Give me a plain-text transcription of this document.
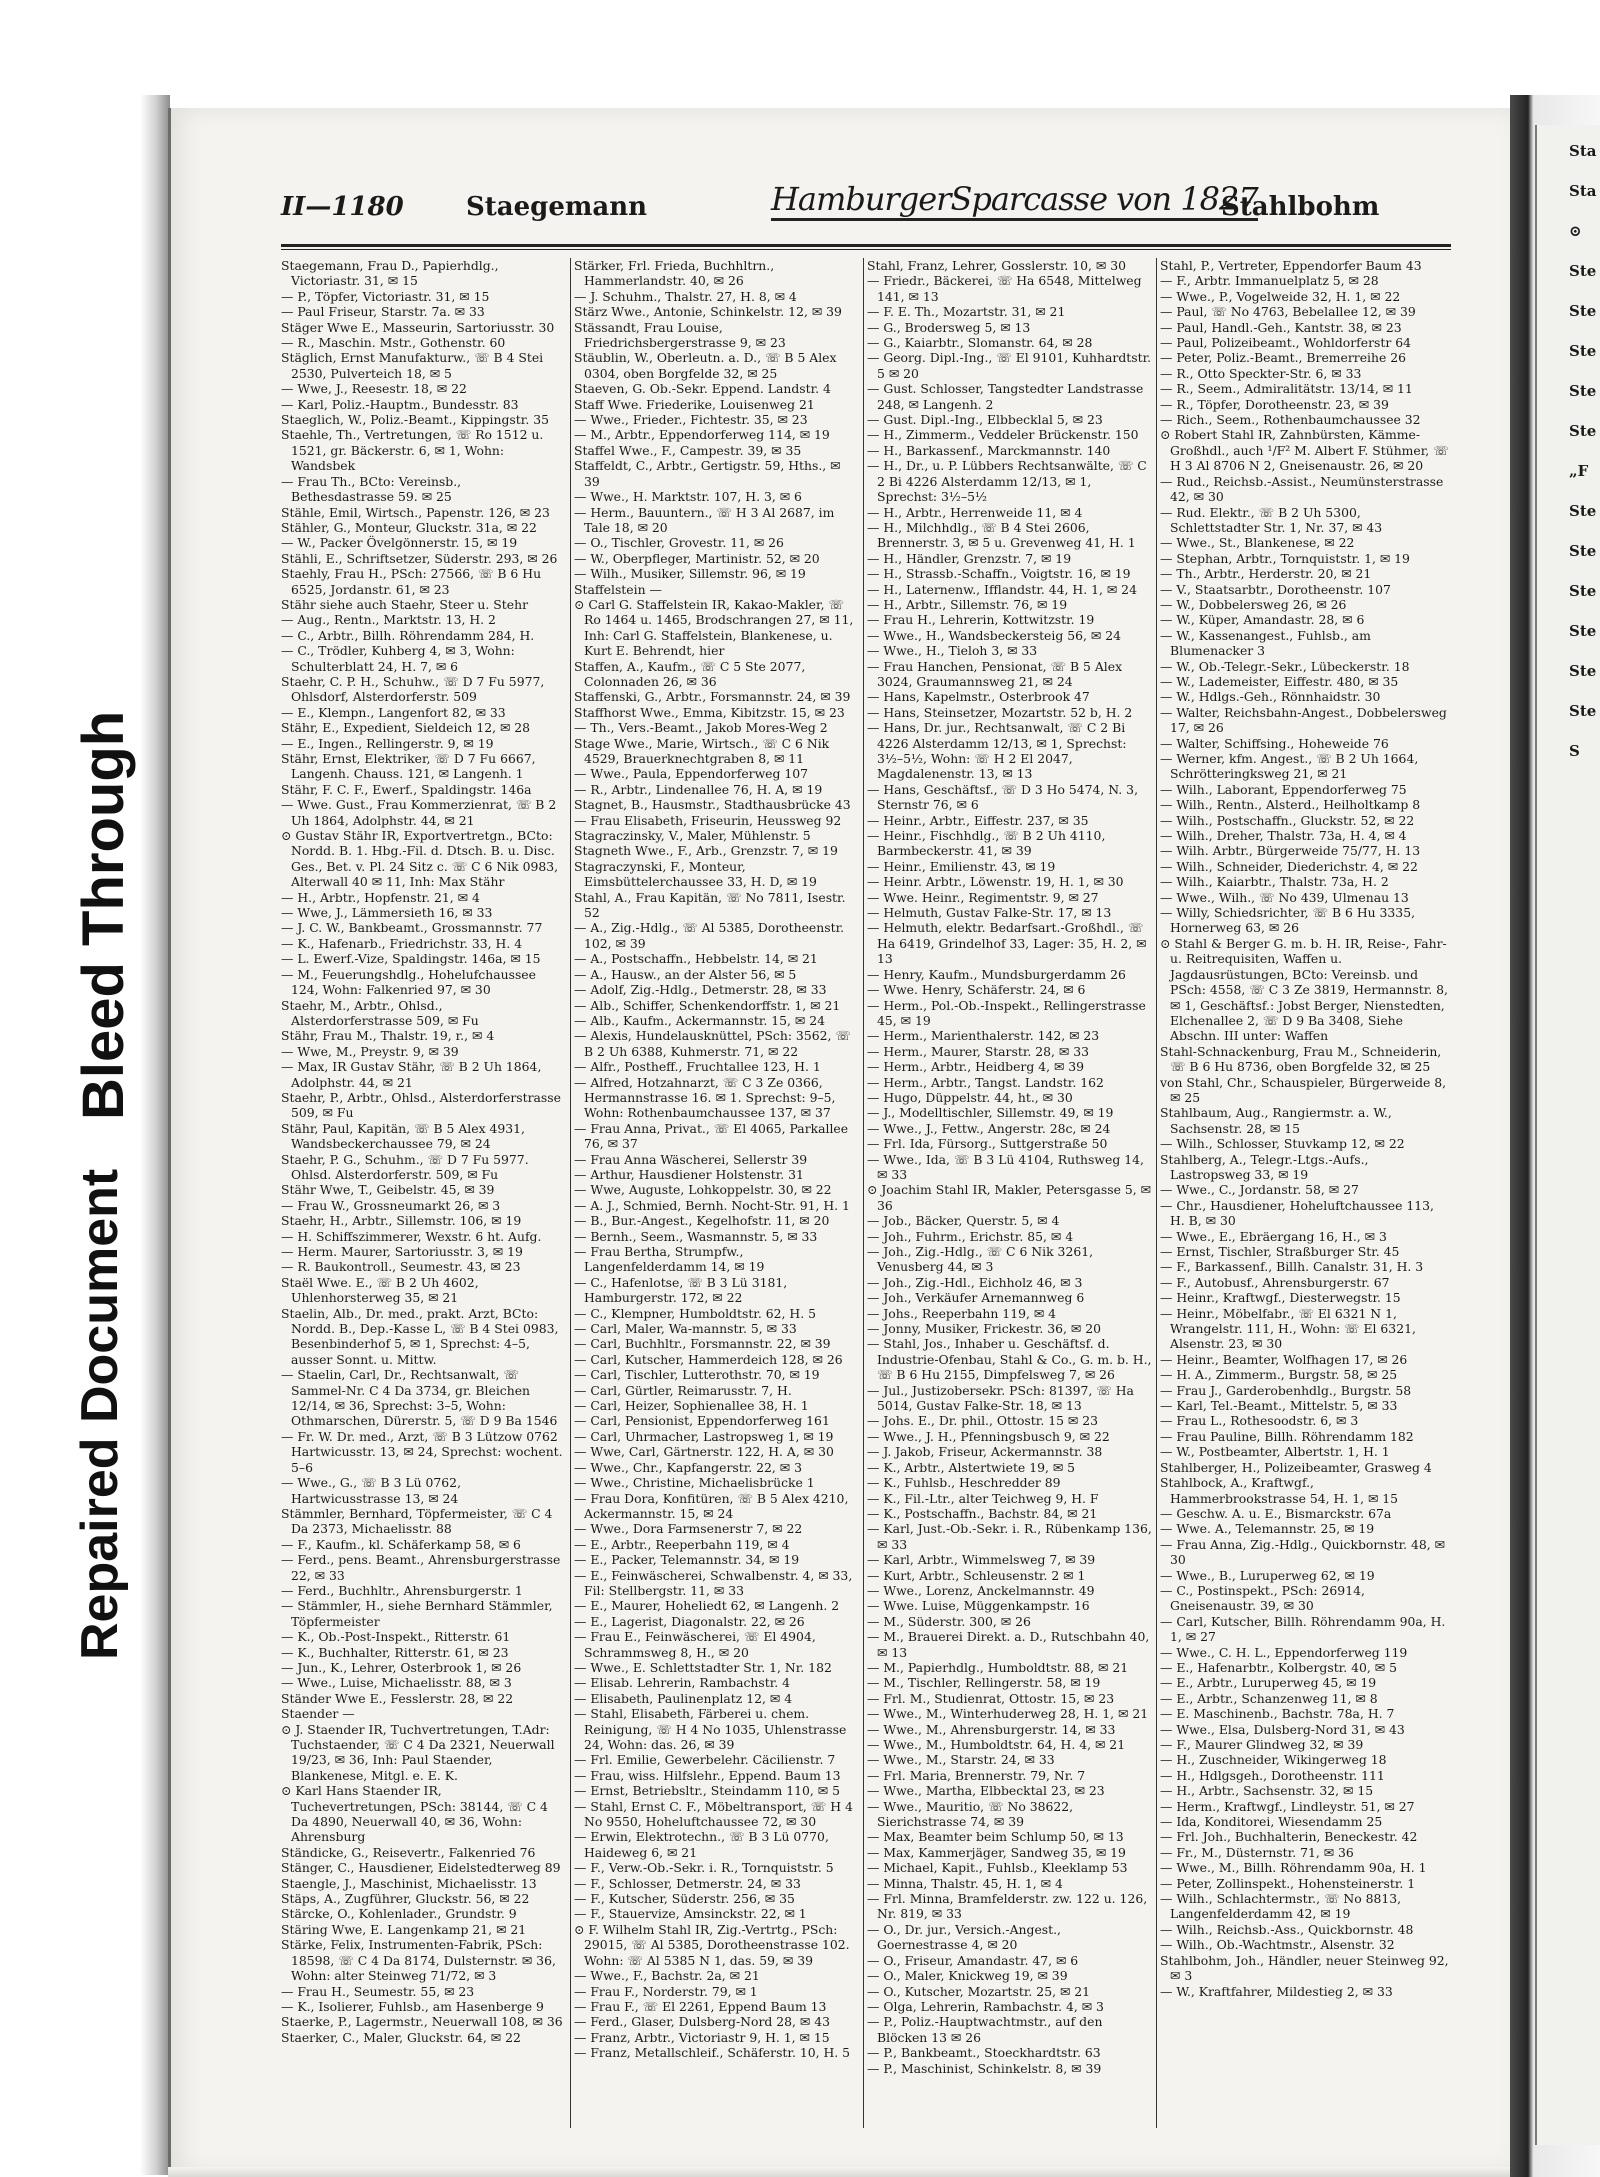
Bleed Through
Repaired Document
II—1180 Staegemann	HamburgerSparcasse von 1827
Stahlbohm

Staegemann, Frau D., Papierhdlg., Victoriastr. 31, ✉ 15

— P., Töpfer, Victoriastr. 31, ✉ 15

— Paul Friseur, Starstr. 7a. ✉ 33

Stäger Wwe E., Masseurin, Sartoriusstr. 30

— R., Maschin. Mstr., Gothenstr. 60

Stäglich, Ernst Manufakturw., ☏ B 4 Stei 2530, Pulverteich 18, ✉ 5

— Wwe, J., Reesestr. 18, ✉ 22

— Karl, Poliz.-Hauptm., Bundesstr. 83

Staeglich, W., Poliz.-Beamt., Kippingstr. 35

Staehle, Th., Vertretungen, ☏ Ro 1512 u. 1521, gr. Bäckerstr. 6, ✉ 1, Wohn: Wandsbek

— Frau Th., BCto: Vereinsb., Bethesdastrasse 59. ✉ 25

Stähle, Emil, Wirtsch., Papenstr. 126, ✉ 23

Stähler, G., Monteur, Gluckstr. 31a, ✉ 22

— W., Packer Övelgönnerstr. 15, ✉ 19

Stähli, E., Schriftsetzer, Süderstr. 293, ✉ 26

Staehly, Frau H., PSch: 27566, ☏ B 6 Hu 6525, Jordanstr. 61, ✉ 23

Stähr siehe auch Staehr, Steer u. Stehr

— Aug., Rentn., Marktstr. 13, H. 2

— C., Arbtr., Billh. Röhrendamm 284, H.

— C., Trödler, Kuhberg 4, ✉ 3, Wohn: Schulterblatt 24, H. 7, ✉ 6

Staehr, C. P. H., Schuhw., ☏ D 7 Fu 5977, Ohlsdorf, Alsterdorferstr. 509

— E., Klempn., Langenfort 82, ✉ 33

Stähr, E., Expedient, Sieldeich 12, ✉ 28

— E., Ingen., Rellingerstr. 9, ✉ 19

Stähr, Ernst, Elektriker, ☏ D 7 Fu 6667, Langenh. Chauss. 121, ✉ Langenh. 1

Stähr, F. C. F., Ewerf., Spaldingstr. 146a

— Wwe. Gust., Frau Kommerzienrat, ☏ B 2 Uh 1864, Adolphstr. 44, ✉ 21

⊙ Gustav Stähr IR, Exportvertretgn., BCto: Nordd. B. 1. Hbg.-Fil. d. Dtsch. B. u. Disc. Ges., Bet. v. Pl. 24 Sitz c. ☏ C 6 Nik 0983, Alterwall 40 ✉ 11, Inh: Max Stähr

— H., Arbtr., Hopfenstr. 21, ✉ 4

— Wwe, J., Lämmersieth 16, ✉ 33

— J. C. W., Bankbeamt., Grossmannstr. 77

— K., Hafenarb., Friedrichstr. 33, H. 4

— L. Ewerf.-Vize, Spaldingstr. 146a, ✉ 15

— M., Feuerungshdlg., Hohelufchaussee 124, Wohn: Falkenried 97, ✉ 30

Staehr, M., Arbtr., Ohlsd., Alsterdorferstrasse 509, ✉ Fu

Stähr, Frau M., Thalstr. 19, r., ✉ 4

— Wwe, M., Preystr. 9, ✉ 39

— Max, IR Gustav Stähr, ☏ B 2 Uh 1864, Adolphstr. 44, ✉ 21

Staehr, P., Arbtr., Ohlsd., Alsterdorferstrasse 509, ✉ Fu

Stähr, Paul, Kapitän, ☏ B 5 Alex 4931, Wandsbeckerchaussee 79, ✉ 24

Staehr, P. G., Schuhm., ☏ D 7 Fu 5977. Ohlsd. Alsterdorferstr. 509, ✉ Fu

Stähr Wwe, T., Geibelstr. 45, ✉ 39

— Frau W., Grossneumarkt 26, ✉ 3

Staehr, H., Arbtr., Sillemstr. 106, ✉ 19

— H. Schiffszimmerer, Wexstr. 6 ht. Aufg.

— Herm. Maurer, Sartoriusstr. 3, ✉ 19

— R. Baukontroll., Seumestr. 43, ✉ 23

Staël Wwe. E., ☏ B 2 Uh 4602, Uhlenhorsterweg 35, ✉ 21

Staelin, Alb., Dr. med., prakt. Arzt, BCto: Nordd. B., Dep.-Kasse L, ☏ B 4 Stei 0983, Besenbinderhof 5, ✉ 1, Sprechst: 4–5, ausser Sonnt. u. Mittw.

— Staelin, Carl, Dr., Rechtsanwalt, ☏ Sammel-Nr. C 4 Da 3734, gr. Bleichen 12/14, ✉ 36, Sprechst: 3–5, Wohn: Othmarschen, Dürerstr. 5, ☏ D 9 Ba 1546

— Fr. W. Dr. med., Arzt, ☏ B 3 Lützow 0762 Hartwicusstr. 13, ✉ 24, Sprechst: wochent. 5–6

— Wwe., G., ☏ B 3 Lü 0762, Hartwicusstrasse 13, ✉ 24

Stämmler, Bernhard, Töpfermeister, ☏ C 4 Da 2373, Michaelisstr. 88

— F., Kaufm., kl. Schäferkamp 58, ✉ 6

— Ferd., pens. Beamt., Ahrensburgerstrasse 22, ✉ 33

— Ferd., Buchhltr., Ahrensburgerstr. 1

— Stämmler, H., siehe Bernhard Stämmler, Töpfermeister

— K., Ob.-Post-Inspekt., Ritterstr. 61

— K., Buchhalter, Ritterstr. 61, ✉ 23

— Jun., K., Lehrer, Osterbrook 1, ✉ 26

— Wwe., Luise, Michaelisstr. 88, ✉ 3

Ständer Wwe E., Fesslerstr. 28, ✉ 22

Staender —

⊙ J. Staender IR, Tuchvertretungen, T.Adr: Tuchstaender, ☏ C 4 Da 2321, Neuerwall 19/23, ✉ 36, Inh: Paul Staender, Blankenese, Mitgl. e. E. K.

⊙ Karl Hans Staender IR, Tuchevertretungen, PSch: 38144, ☏ C 4 Da 4890, Neuerwall 40, ✉ 36, Wohn: Ahrensburg

Ständicke, G., Reisevertr., Falkenried 76

Stänger, C., Hausdiener, Eidelstedterweg 89

Staengle, J., Maschinist, Michaelisstr. 13

Stäps, A., Zugführer, Gluckstr. 56, ✉ 22

Stärcke, O., Kohlenlader., Grundstr. 9

Stäring Wwe, E. Langenkamp 21, ✉ 21

Stärke, Felix, Instrumenten-Fabrik, PSch: 18598, ☏ C 4 Da 8174, Dulsternstr. ✉ 36, Wohn: alter Steinweg 71/72, ✉ 3

— Frau H., Seumestr. 55, ✉ 23

— K., Isolierer, Fuhlsb., am Hasenberge 9

Staerke, P., Lagermstr., Neuerwall 108, ✉ 36

Staerker, C., Maler, Gluckstr. 64, ✉ 22

Stärker, Frl. Frieda, Buchhltrn., Hammerlandstr. 40, ✉ 26

— J. Schuhm., Thalstr. 27, H. 8, ✉ 4

Stärz Wwe., Antonie, Schinkelstr. 12, ✉ 39

Stässandt, Frau Louise, Friedrichsbergerstrasse 9, ✉ 23

Stäublin, W., Oberleutn. a. D., ☏ B 5 Alex 0304, oben Borgfelde 32, ✉ 25

Staeven, G. Ob.-Sekr. Eppend. Landstr. 4

Staff Wwe. Friederike, Louisenweg 21

— Wwe., Frieder., Fichtestr. 35, ✉ 23

— M., Arbtr., Eppendorferweg 114, ✉ 19

Staffel Wwe., F., Campestr. 39, ✉ 35

Staffeldt, C., Arbtr., Gertigstr. 59, Hths., ✉ 39

— Wwe., H. Marktstr. 107, H. 3, ✉ 6

— Herm., Bauuntern., ☏ H 3 Al 2687, im Tale 18, ✉ 20

— O., Tischler, Grovestr. 11, ✉ 26

— W., Oberpfleger, Martinistr. 52, ✉ 20

— Wilh., Musiker, Sillemstr. 96, ✉ 19

Staffelstein —

⊙ Carl G. Staffelstein IR, Kakao-Makler, ☏ Ro 1464 u. 1465, Brodschrangen 27, ✉ 11, Inh: Carl G. Staffelstein, Blankenese, u. Kurt E. Behrendt, hier

Staffen, A., Kaufm., ☏ C 5 Ste 2077, Colonnaden 26, ✉ 36

Staffenski, G., Arbtr., Forsmannstr. 24, ✉ 39

Staffhorst Wwe., Emma, Kibitzstr. 15, ✉ 23

— Th., Vers.-Beamt., Jakob Mores-Weg 2

Stage Wwe., Marie, Wirtsch., ☏ C 6 Nik 4529, Brauerknechtgraben 8, ✉ 11

— Wwe., Paula, Eppendorferweg 107

— R., Arbtr., Lindenallee 76, H. A, ✉ 19

Stagnet, B., Hausmstr., Stadthausbrücke 43

— Frau Elisabeth, Friseurin, Heussweg 92

Stagraczinsky, V., Maler, Mühlenstr. 5

Stagneth Wwe., F., Arb., Grenzstr. 7, ✉ 19

Stagraczynski, F., Monteur, Eimsbüttelerchaussee 33, H. D, ✉ 19

Stahl, A., Frau Kapitän, ☏ No 7811, Isestr. 52

— A., Zig.-Hdlg., ☏ Al 5385, Dorotheenstr. 102, ✉ 39

— A., Postschaffn., Hebbelstr. 14, ✉ 21

— A., Hausw., an der Alster 56, ✉ 5

— Adolf, Zig.-Hdlg., Detmerstr. 28, ✉ 33

— Alb., Schiffer, Schenkendorffstr. 1, ✉ 21

— Alb., Kaufm., Ackermannstr. 15, ✉ 24

— Alexis, Hundelausknüttel, PSch: 3562, ☏ B 2 Uh 6388, Kuhmerstr. 71, ✉ 22

— Alfr., Postheff., Fruchtallee 123, H. 1

— Alfred, Hotzahnarzt, ☏ C 3 Ze 0366, Hermannstrasse 16. ✉ 1. Sprechst: 9–5, Wohn: Rothenbaumchaussee 137, ✉ 37

— Frau Anna, Privat., ☏ El 4065, Parkallee 76, ✉ 37

— Frau Anna Wäscherei, Sellerstr 39

— Arthur, Hausdiener Holstenstr. 31

— Wwe, Auguste, Lohkoppelstr. 30, ✉ 22

— A. J., Schmied, Bernh. Nocht-Str. 91, H. 1

— B., Bur.-Angest., Kegelhofstr. 11, ✉ 20

— Bernh., Seem., Wasmannstr. 5, ✉ 33

— Frau Bertha, Strumpfw., Langenfelderdamm 14, ✉ 19

— C., Hafenlotse, ☏ B 3 Lü 3181, Hamburgerstr. 172, ✉ 22

— C., Klempner, Humboldtstr. 62, H. 5

— Carl, Maler, Wa-mannstr. 5, ✉ 33

— Carl, Buchhltr., Forsmannstr. 22, ✉ 39

— Carl, Kutscher, Hammerdeich 128, ✉ 26

— Carl, Tischler, Lutterothstr. 70, ✉ 19

— Carl, Gürtler, Reimarusstr. 7, H.

— Carl, Heizer, Sophienallee 38, H. 1

— Carl, Pensionist, Eppendorferweg 161

— Carl, Uhrmacher, Lastropsweg 1, ✉ 19

— Wwe, Carl, Gärtnerstr. 122, H. A, ✉ 30

— Wwe., Chr., Kapfangerstr. 22, ✉ 3

— Wwe., Christine, Michaelisbrücke 1

— Frau Dora, Konfitüren, ☏ B 5 Alex 4210, Ackermannstr. 15, ✉ 24

— Wwe., Dora Farmsenerstr 7, ✉ 22

— E., Arbtr., Reeperbahn 119, ✉ 4

— E., Packer, Telemannstr. 34, ✉ 19

— E., Feinwäscherei, Schwalbenstr. 4, ✉ 33, Fil: Stellbergstr. 11, ✉ 33

— E., Maurer, Hoheliedt 62, ✉ Langenh. 2

— E., Lagerist, Diagonalstr. 22, ✉ 26

— Frau E., Feinwäscherei, ☏ El 4904, Schrammsweg 8, H., ✉ 20

— Wwe., E. Schlettstadter Str. 1, Nr. 182

— Elisab. Lehrerin, Rambachstr. 4

— Elisabeth, Paulinenplatz 12, ✉ 4

— Stahl, Elisabeth, Färberei u. chem. Reinigung, ☏ H 4 No 1035, Uhlenstrasse 24, Wohn: das. 26, ✉ 39

— Frl. Emilie, Gewerbelehr. Cäcilienstr. 7

— Frau, wiss. Hilfslehr., Eppend. Baum 13

— Ernst, Betriebsltr., Steindamm 110, ✉ 5

— Stahl, Ernst C. F., Möbeltransport, ☏ H 4 No 9550, Hoheluftchaussee 72, ✉ 30

— Erwin, Elektrotechn., ☏ B 3 Lü 0770, Haideweg 6, ✉ 21

— F., Verw.-Ob.-Sekr. i. R., Tornquiststr. 5

— F., Schlosser, Detmerstr. 24, ✉ 33

— F., Kutscher, Süderstr. 256, ✉ 35

— F., Stauervize, Amsinckstr. 22, ✉ 1

⊙ F. Wilhelm Stahl IR, Zig.-Vertrtg., PSch: 29015, ☏ Al 5385, Dorotheenstrasse 102. Wohn: ☏ Al 5385 N 1, das. 59, ✉ 39

— Wwe., F., Bachstr. 2a, ✉ 21

— Frau F., Norderstr. 79, ✉ 1

— Frau F., ☏ El 2261, Eppend Baum 13

— Ferd., Glaser, Dulsberg-Nord 28, ✉ 43

— Franz, Arbtr., Victoriastr 9, H. 1, ✉ 15

— Franz, Metallschleif., Schäferstr. 10, H. 5

Stahl, Franz, Lehrer, Gosslerstr. 10, ✉ 30

— Friedr., Bäckerei, ☏ Ha 6548, Mittelweg 141, ✉ 13

— F. E. Th., Mozartstr. 31, ✉ 21

— G., Brodersweg 5, ✉ 13

— G., Kaiarbtr., Slomanstr. 64, ✉ 28

— Georg. Dipl.-Ing., ☏ El 9101, Kuhhardtstr. 5 ✉ 20

— Gust. Schlosser, Tangstedter Landstrasse 248, ✉ Langenh. 2

— Gust. Dipl.-Ing., Elbbecklal 5, ✉ 23

— H., Zimmerm., Veddeler Brückenstr. 150

— H., Barkassenf., Marckmannstr. 140

— H., Dr., u. P. Lübbers Rechtsanwälte, ☏ C 2 Bi 4226 Alsterdamm 12/13, ✉ 1, Sprechst: 3½–5½

— H., Arbtr., Herrenweide 11, ✉ 4

— H., Milchhdlg., ☏ B 4 Stei 2606, Brennerstr. 3, ✉ 5 u. Grevenweg 41, H. 1

— H., Händler, Grenzstr. 7, ✉ 19

— H., Strassb.-Schaffn., Voigtstr. 16, ✉ 19

— H., Laternenw., Ifflandstr. 44, H. 1, ✉ 24

— H., Arbtr., Sillemstr. 76, ✉ 19

— Frau H., Lehrerin, Kottwitzstr. 19

— Wwe., H., Wandsbeckersteig 56, ✉ 24

— Wwe., H., Tieloh 3, ✉ 33

— Frau Hanchen, Pensionat, ☏ B 5 Alex 3024, Graumannsweg 21, ✉ 24

— Hans, Kapelmstr., Osterbrook 47

— Hans, Steinsetzer, Mozartstr. 52 b, H. 2

— Hans, Dr. jur., Rechtsanwalt, ☏ C 2 Bi 4226 Alsterdamm 12/13, ✉ 1, Sprechst: 3½–5½, Wohn: ☏ H 2 El 2047, Magdalenenstr. 13, ✉ 13

— Hans, Geschäftsf., ☏ D 3 Ho 5474, N. 3, Sternstr 76, ✉ 6

— Heinr., Arbtr., Eiffestr. 237, ✉ 35

— Heinr., Fischhdlg., ☏ B 2 Uh 4110, Barmbeckerstr. 41, ✉ 39

— Heinr., Emilienstr. 43, ✉ 19

— Heinr. Arbtr., Löwenstr. 19, H. 1, ✉ 30

— Wwe. Heinr., Regimentstr. 9, ✉ 27

— Helmuth, Gustav Falke-Str. 17, ✉ 13

— Helmuth, elektr. Bedarfsart.-Großhdl., ☏ Ha 6419, Grindelhof 33, Lager: 35, H. 2, ✉ 13

— Henry, Kaufm., Mundsburgerdamm 26

— Wwe. Henry, Schäferstr. 24, ✉ 6

— Herm., Pol.-Ob.-Inspekt., Rellingerstrasse 45, ✉ 19

— Herm., Marienthalerstr. 142, ✉ 23

— Herm., Maurer, Starstr. 28, ✉ 33

— Herm., Arbtr., Heidberg 4, ✉ 39

— Herm., Arbtr., Tangst. Landstr. 162

— Hugo, Düppelstr. 44, ht., ✉ 30

— J., Modelltischler, Sillemstr. 49, ✉ 19

— Wwe., J., Fettw., Angerstr. 28c, ✉ 24

— Frl. Ida, Fürsorg., Suttgerstraße 50

— Wwe., Ida, ☏ B 3 Lü 4104, Ruthsweg 14, ✉ 33

⊙ Joachim Stahl IR, Makler, Petersgasse 5, ✉ 36

— Job., Bäcker, Querstr. 5, ✉ 4

— Joh., Fuhrm., Erichstr. 85, ✉ 4

— Joh., Zig.-Hdlg., ☏ C 6 Nik 3261, Venusberg 44, ✉ 3

— Joh., Zig.-Hdl., Eichholz 46, ✉ 3

— Joh., Verkäufer Arnemannweg 6

— Johs., Reeperbahn 119, ✉ 4

— Jonny, Musiker, Frickestr. 36, ✉ 20

— Stahl, Jos., Inhaber u. Geschäftsf. d. Industrie-Ofenbau, Stahl & Co., G. m. b. H., ☏ B 6 Hu 2155, Dimpfelsweg 7, ✉ 26

— Jul., Justizobersekr. PSch: 81397, ☏ Ha 5014, Gustav Falke-Str. 18, ✉ 13

— Johs. E., Dr. phil., Ottostr. 15 ✉ 23

— Wwe., J. H., Pfenningsbusch 9, ✉ 22

— J. Jakob, Friseur, Ackermannstr. 38

— K., Arbtr., Alstertwiete 19, ✉ 5

— K., Fuhlsb., Heschredder 89

— K., Fil.-Ltr., alter Teichweg 9, H. F

— K., Postschaffn., Bachstr. 84, ✉ 21

— Karl, Just.-Ob.-Sekr. i. R., Rübenkamp 136, ✉ 33

— Karl, Arbtr., Wimmelsweg 7, ✉ 39

— Kurt, Arbtr., Schleusenstr. 2 ✉ 1

— Wwe., Lorenz, Anckelmannstr. 49

— Wwe. Luise, Müggenkampstr. 16

— M., Süderstr. 300, ✉ 26

— M., Brauerei Direkt. a. D., Rutschbahn 40, ✉ 13

— M., Papierhdlg., Humboldtstr. 88, ✉ 21

— M., Tischler, Rellingerstr. 58, ✉ 19

— Frl. M., Studienrat, Ottostr. 15, ✉ 23

— Wwe., M., Winterhuderweg 28, H. 1, ✉ 21

— Wwe., M., Ahrensburgerstr. 14, ✉ 33

— Wwe., M., Humboldtstr. 64, H. 4, ✉ 21

— Wwe., M., Starstr. 24, ✉ 33

— Frl. Maria, Brennerstr. 79, Nr. 7

— Wwe., Martha, Elbbecktal 23, ✉ 23

— Wwe., Mauritio, ☏ No 38622, Sierichstrasse 74, ✉ 39

— Max, Beamter beim Schlump 50, ✉ 13

— Max, Kammerjäger, Sandweg 35, ✉ 19

— Michael, Kapit., Fuhlsb., Kleeklamp 53

— Minna, Thalstr. 45, H. 1, ✉ 4

— Frl. Minna, Bramfelderstr. zw. 122 u. 126, Nr. 819, ✉ 33

— O., Dr. jur., Versich.-Angest., Goernestrasse 4, ✉ 20

— O., Friseur, Amandastr. 47, ✉ 6

— O., Maler, Knickweg 19, ✉ 39

— O., Kutscher, Mozartstr. 25, ✉ 21

— Olga, Lehrerin, Rambachstr. 4, ✉ 3

— P., Poliz.-Hauptwachtmstr., auf den Blöcken 13 ✉ 26

— P., Bankbeamt., Stoeckhardtstr. 63

— P., Maschinist, Schinkelstr. 8, ✉ 39

Stahl, P., Vertreter, Eppendorfer Baum 43

— F., Arbtr. Immanuelplatz 5, ✉ 28

— Wwe., P., Vogelweide 32, H. 1, ✉ 22

— Paul, ☏ No 4763, Bebelallee 12, ✉ 39

— Paul, Handl.-Geh., Kantstr. 38, ✉ 23

— Paul, Polizeibeamt., Wohldorferstr 64

— Peter, Poliz.-Beamt., Bremerreihe 26

— R., Otto Speckter-Str. 6, ✉ 33

— R., Seem., Admiralitätstr. 13/14, ✉ 11

— R., Töpfer, Dorotheenstr. 23, ✉ 39

— Rich., Seem., Rothenbaumchaussee 32

⊙ Robert Stahl IR, Zahnbürsten, Kämme-Großhdl., auch ¹/F² M. Albert F. Stühmer, ☏ H 3 Al 8706 N 2, Gneisenaustr. 26, ✉ 20

— Rud., Reichsb.-Assist., Neumünsterstrasse 42, ✉ 30

— Rud. Elektr., ☏ B 2 Uh 5300, Schlettstadter Str. 1, Nr. 37, ✉ 43

— Wwe., St., Blankenese, ✉ 22

— Stephan, Arbtr., Tornquiststr. 1, ✉ 19

— Th., Arbtr., Herderstr. 20, ✉ 21

— V., Staatsarbtr., Dorotheenstr. 107

— W., Dobbelersweg 26, ✉ 26

— W., Küper, Amandastr. 28, ✉ 6

— W., Kassenangest., Fuhlsb., am Blumenacker 3

— W., Ob.-Telegr.-Sekr., Lübeckerstr. 18

— W., Lademeister, Eiffestr. 480, ✉ 35

— W., Hdlgs.-Geh., Rönnhaidstr. 30

— Walter, Reichsbahn-Angest., Dobbelersweg 17, ✉ 26

— Walter, Schiffsing., Hoheweide 76

— Werner, kfm. Angest., ☏ B 2 Uh 1664, Schrötteringksweg 21, ✉ 21

— Wilh., Laborant, Eppendorferweg 75

— Wilh., Rentn., Alsterd., Heilholtkamp 8

— Wilh., Postschaffn., Gluckstr. 52, ✉ 22

— Wilh., Dreher, Thalstr. 73a, H. 4, ✉ 4

— Wilh. Arbtr., Bürgerweide 75/77, H. 13

— Wilh., Schneider, Diederichstr. 4, ✉ 22

— Wilh., Kaiarbtr., Thalstr. 73a, H. 2

— Wwe., Wilh., ☏ No 439, Ulmenau 13

— Willy, Schiedsrichter, ☏ B 6 Hu 3335, Hornerweg 63, ✉ 26

⊙ Stahl & Berger G. m. b. H. IR, Reise-, Fahr- u. Reitrequisiten, Waffen u. Jagdausrüstungen, BCto: Vereinsb. und PSch: 4558, ☏ C 3 Ze 3819, Hermannstr. 8, ✉ 1, Geschäftsf.: Jobst Berger, Nienstedten, Elchenallee 2, ☏ D 9 Ba 3408, Siehe Abschn. III unter: Waffen

Stahl-Schnackenburg, Frau M., Schneiderin, ☏ B 6 Hu 8736, oben Borgfelde 32, ✉ 25

von Stahl, Chr., Schauspieler, Bürgerweide 8, ✉ 25

Stahlbaum, Aug., Rangiermstr. a. W., Sachsenstr. 28, ✉ 15

— Wilh., Schlosser, Stuvkamp 12, ✉ 22

Stahlberg, A., Telegr.-Ltgs.-Aufs., Lastropsweg 33, ✉ 19

— Wwe., C., Jordanstr. 58, ✉ 27

— Chr., Hausdiener, Hoheluftchaussee 113, H. B, ✉ 30

— Wwe., E., Ebräergang 16, H., ✉ 3

— Ernst, Tischler, Straßburger Str. 45

— F., Barkassenf., Billh. Canalstr. 31, H. 3

— F., Autobusf., Ahrensburgerstr. 67

— Heinr., Kraftwgf., Diesterwegstr. 15

— Heinr., Möbelfabr., ☏ El 6321 N 1, Wrangelstr. 111, H., Wohn: ☏ El 6321, Alsenstr. 23, ✉ 30

— Heinr., Beamter, Wolfhagen 17, ✉ 26

— H. A., Zimmerm., Burgstr. 58, ✉ 25

— Frau J., Garderobenhdlg., Burgstr. 58

— Karl, Tel.-Beamt., Mittelstr. 5, ✉ 33

— Frau L., Rothesoodstr. 6, ✉ 3

— Frau Pauline, Billh. Röhrendamm 182

— W., Postbeamter, Albertstr. 1, H. 1

Stahlberger, H., Polizeibeamter, Grasweg 4

Stahlbock, A., Kraftwgf., Hammerbrookstrasse 54, H. 1, ✉ 15

— Geschw. A. u. E., Bismarckstr. 67a

— Wwe. A., Telemannstr. 25, ✉ 19

— Frau Anna, Zig.-Hdlg., Quickbornstr. 48, ✉ 30

— Wwe., B., Luruperweg 62, ✉ 19

— C., Postinspekt., PSch: 26914, Gneisenaustr. 39, ✉ 30

— Carl, Kutscher, Billh. Röhrendamm 90a, H. 1, ✉ 27

— Wwe., C. H. L., Eppendorferweg 119

— E., Hafenarbtr., Kolbergstr. 40, ✉ 5

— E., Arbtr., Luruperweg 45, ✉ 19

— E., Arbtr., Schanzenweg 11, ✉ 8

— E. Maschinenb., Bachstr. 78a, H. 7

— Wwe., Elsa, Dulsberg-Nord 31, ✉ 43

— F., Maurer Glindweg 32, ✉ 39

— H., Zuschneider, Wikingerweg 18

— H., Hdlgsgeh., Dorotheenstr. 111

— H., Arbtr., Sachsenstr. 32, ✉ 15

— Herm., Kraftwgf., Lindleystr. 51, ✉ 27

— Ida, Konditorei, Wiesendamm 25

— Frl. Joh., Buchhalterin, Beneckestr. 42

— Fr., M., Düsternstr. 71, ✉ 36

— Wwe., M., Billh. Röhrendamm 90a, H. 1

— Peter, Zollinspekt., Hohensteinerstr. 1

— Wilh., Schlachtermstr., ☏ No 8813, Langenfelderdamm 42, ✉ 19

— Wilh., Reichsb.-Ass., Quickbornstr. 48

— Wilh., Ob.-Wachtmstr., Alsenstr. 32

Stahlbohm, Joh., Händler, neuer Steinweg 92, ✉ 3

— W., Kraftfahrer, Mildestieg 2, ✉ 33

Sta
Sta
⊙
Ste
Ste
Ste
Ste
Ste
„F
Ste
Ste
Ste
Ste
Ste
Ste
S
